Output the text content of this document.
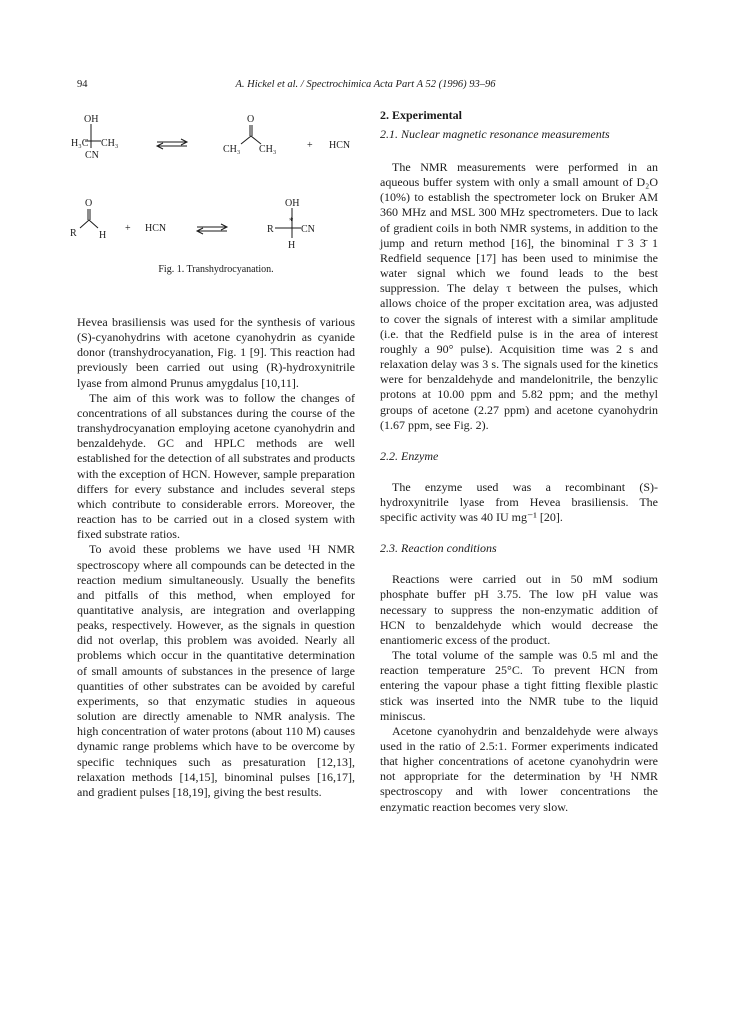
94	A. Hickel et al. / Spectrochimica Acta Part A 52 (1996) 93–96
OH
H₃C CH₃
CN
O
CH₃ CH₃	+ HCN
O
R H
+ HCN
OH
R
*
CN
H
Fig. 1. Transhydrocyanation.

Hevea brasiliensis was used for the synthesis of various (S)-cyanohydrins with acetone cyanohydrin as cyanide donor (transhydrocyanation, Fig. 1 [9]. This reaction had previously been carried out using (R)-hydroxynitrile lyase from almond Prunus amygdalus [10,11].

The aim of this work was to follow the changes of concentrations of all substances during the course of the transhydrocyanation employing acetone cyanohydrin and benzaldehyde. GC and HPLC methods are well established for the detection of all substrates and products with the exception of HCN. However, sample preparation differs for every substance and includes several steps which contribute to considerable errors. Moreover, the reaction has to be carried out in a closed system with fixed substrate ratios.

To avoid these problems we have used ¹H NMR spectroscopy where all compounds can be detected in the reaction medium simultaneously. Usually the benefits and pitfalls of this method, when employed for quantitative analysis, are integration and overlapping peaks, respectively. However, as the signals in question did not overlap, this problem was avoided. Nearly all problems which occur in the quantitative determination of small amounts of substances in the presence of large quantities of other substrates can be avoided by careful experiments, so that enzymatic studies in aqueous solution are directly amenable to NMR analysis. The high concentration of water protons (about 110 M) causes dynamic range problems which have to be overcome by specific techniques such as presaturation [12,13], relaxation methods [14,15], binominal pulses [16,17], and gradient pulses [18,19], giving the best results.

2. Experimental
2.1. Nuclear magnetic resonance measurements

The NMR measurements were performed in an aqueous buffer system with only a small amount of D₂O (10%) to establish the spectrometer lock on Bruker AM 360 MHz and MSL 300 MHz spectrometers. Due to lack of gradient coils in both NMR systems, in addition to the jump and return method [16], the binominal 1̄ 3 3̄ 1 Redfield sequence [17] has been used to minimise the water signal which we found leads to the best suppression. The delay τ between the pulses, which allows choice of the proper excitation area, was adjusted to cover the signals of interest with a similar amplitude (i.e. that the Redfield pulse is in the area of interest roughly a 90° pulse). Acquisition time was 2 s and relaxation delay was 3 s. The signals used for the kinetics were for benzaldehyde and mandelonitrile, the benzylic protons at 10.00 ppm and 5.82 ppm; and the methyl groups of acetone (2.27 ppm) and acetone cyanohydrin (1.67 ppm, see Fig. 2).

2.2. Enzyme

The enzyme used was a recombinant (S)-hydroxynitrile lyase from Hevea brasiliensis. The specific activity was 40 IU mg⁻¹ [20].

2.3. Reaction conditions

Reactions were carried out in 50 mM sodium phosphate buffer pH 3.75. The low pH value was necessary to suppress the non-enzymatic addition of HCN to benzaldehyde which would decrease the enantiomeric excess of the product.

The total volume of the sample was 0.5 ml and the reaction temperature 25°C. To prevent HCN from entering the vapour phase a tight fitting flexible plastic stick was inserted into the NMR tube to the liquid miniscus.

Acetone cyanohydrin and benzaldehyde were always used in the ratio of 2.5:1. Former experiments indicated that higher concentrations of acetone cyanohydrin were not appropriate for the determination by ¹H NMR spectroscopy and with lower concentrations the enzymatic reaction becomes very slow.
